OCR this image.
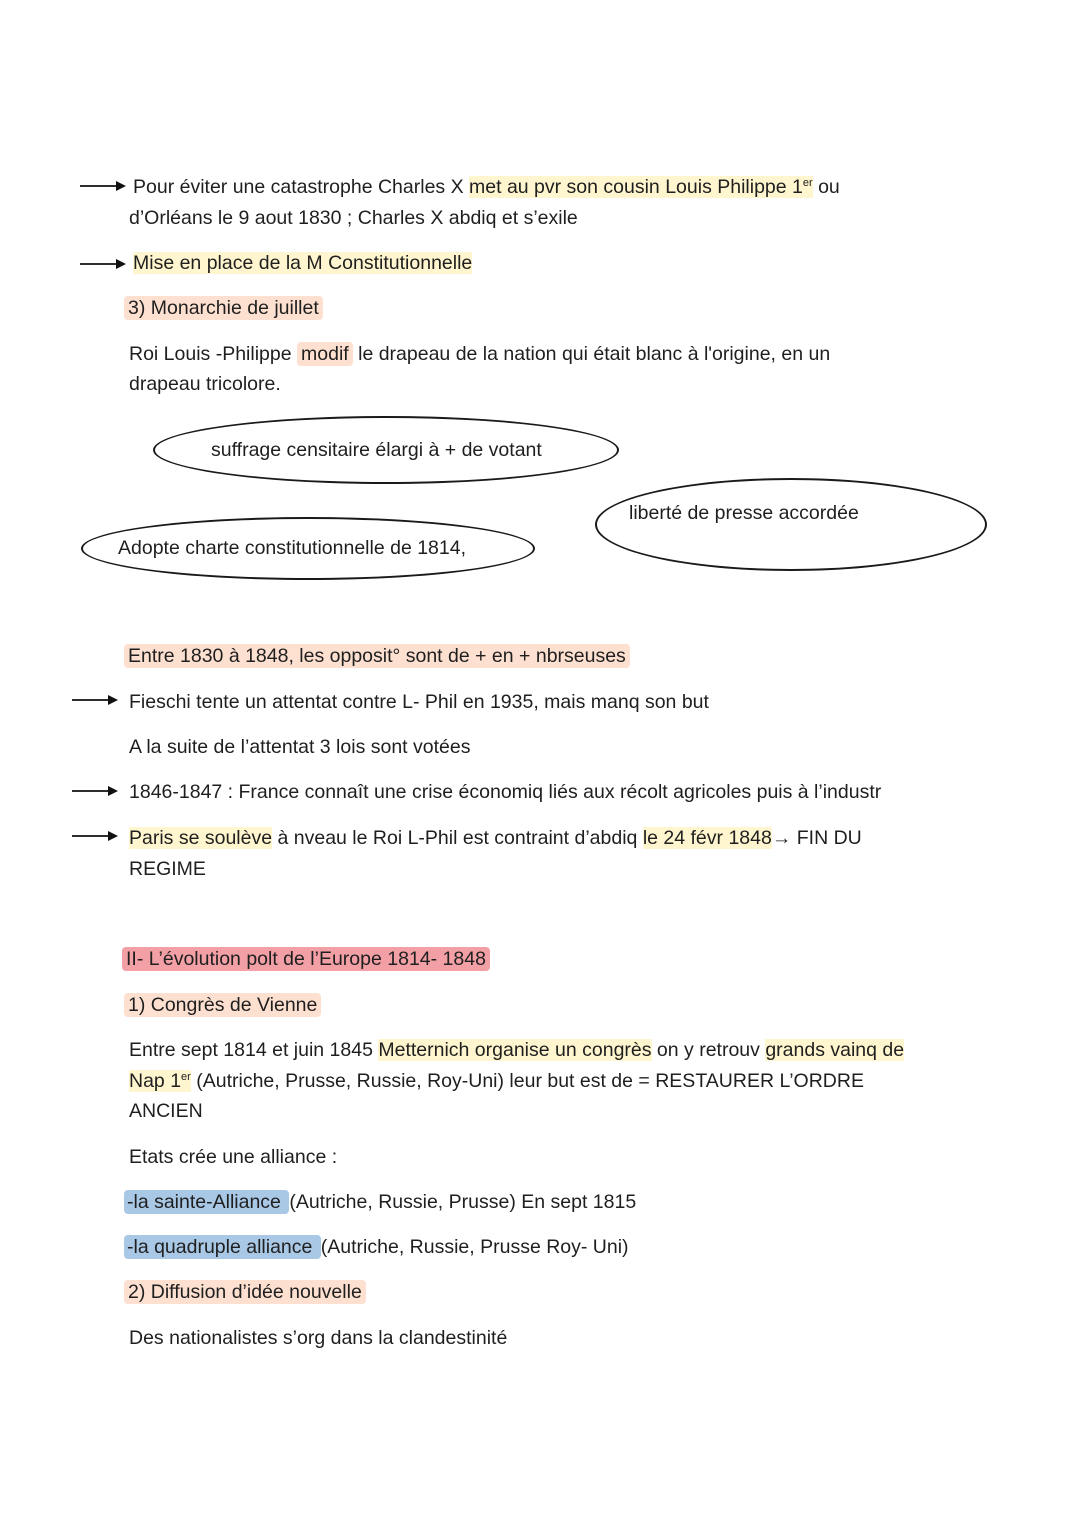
Pour éviter une catastrophe Charles X met au pvr son cousin Louis Philippe 1er ou
d’Orléans le 9 aout 1830 ; Charles X abdiq et s’exile
Mise en place de la M Constitutionnelle
3) Monarchie de juillet
Roi Louis -Philippe modif le drapeau de la nation qui était blanc à l'origine, en un
drapeau tricolore.
suffrage censitaire élargi à + de votant
liberté de presse accordée
Adopte charte constitutionnelle de 1814,
Entre 1830 à 1848, les opposit° sont de + en + nbrseuses
Fieschi tente un attentat contre L- Phil en 1935, mais manq son but
A la suite de l’attentat 3 lois sont votées
1846-1847 : France connaît une crise économiq liés aux récolt agricoles puis à l’industr
Paris se soulève à nveau le Roi L-Phil est contraint d’abdiq le 24 févr 1848→ FIN DU
REGIME
II- L’évolution polt de l’Europe 1814- 1848
1) Congrès de Vienne
Entre sept 1814 et juin 1845 Metternich organise un congrès on y retrouv grands vainq de
Nap 1er (Autriche, Prusse, Russie, Roy-Uni) leur but est de = RESTAURER L’ORDRE
ANCIEN
Etats crée une alliance :
-la sainte-Alliance (Autriche, Russie, Prusse) En sept 1815
-la quadruple alliance (Autriche, Russie, Prusse Roy- Uni)
2) Diffusion d’idée nouvelle
Des nationalistes s’org dans la clandestinité
